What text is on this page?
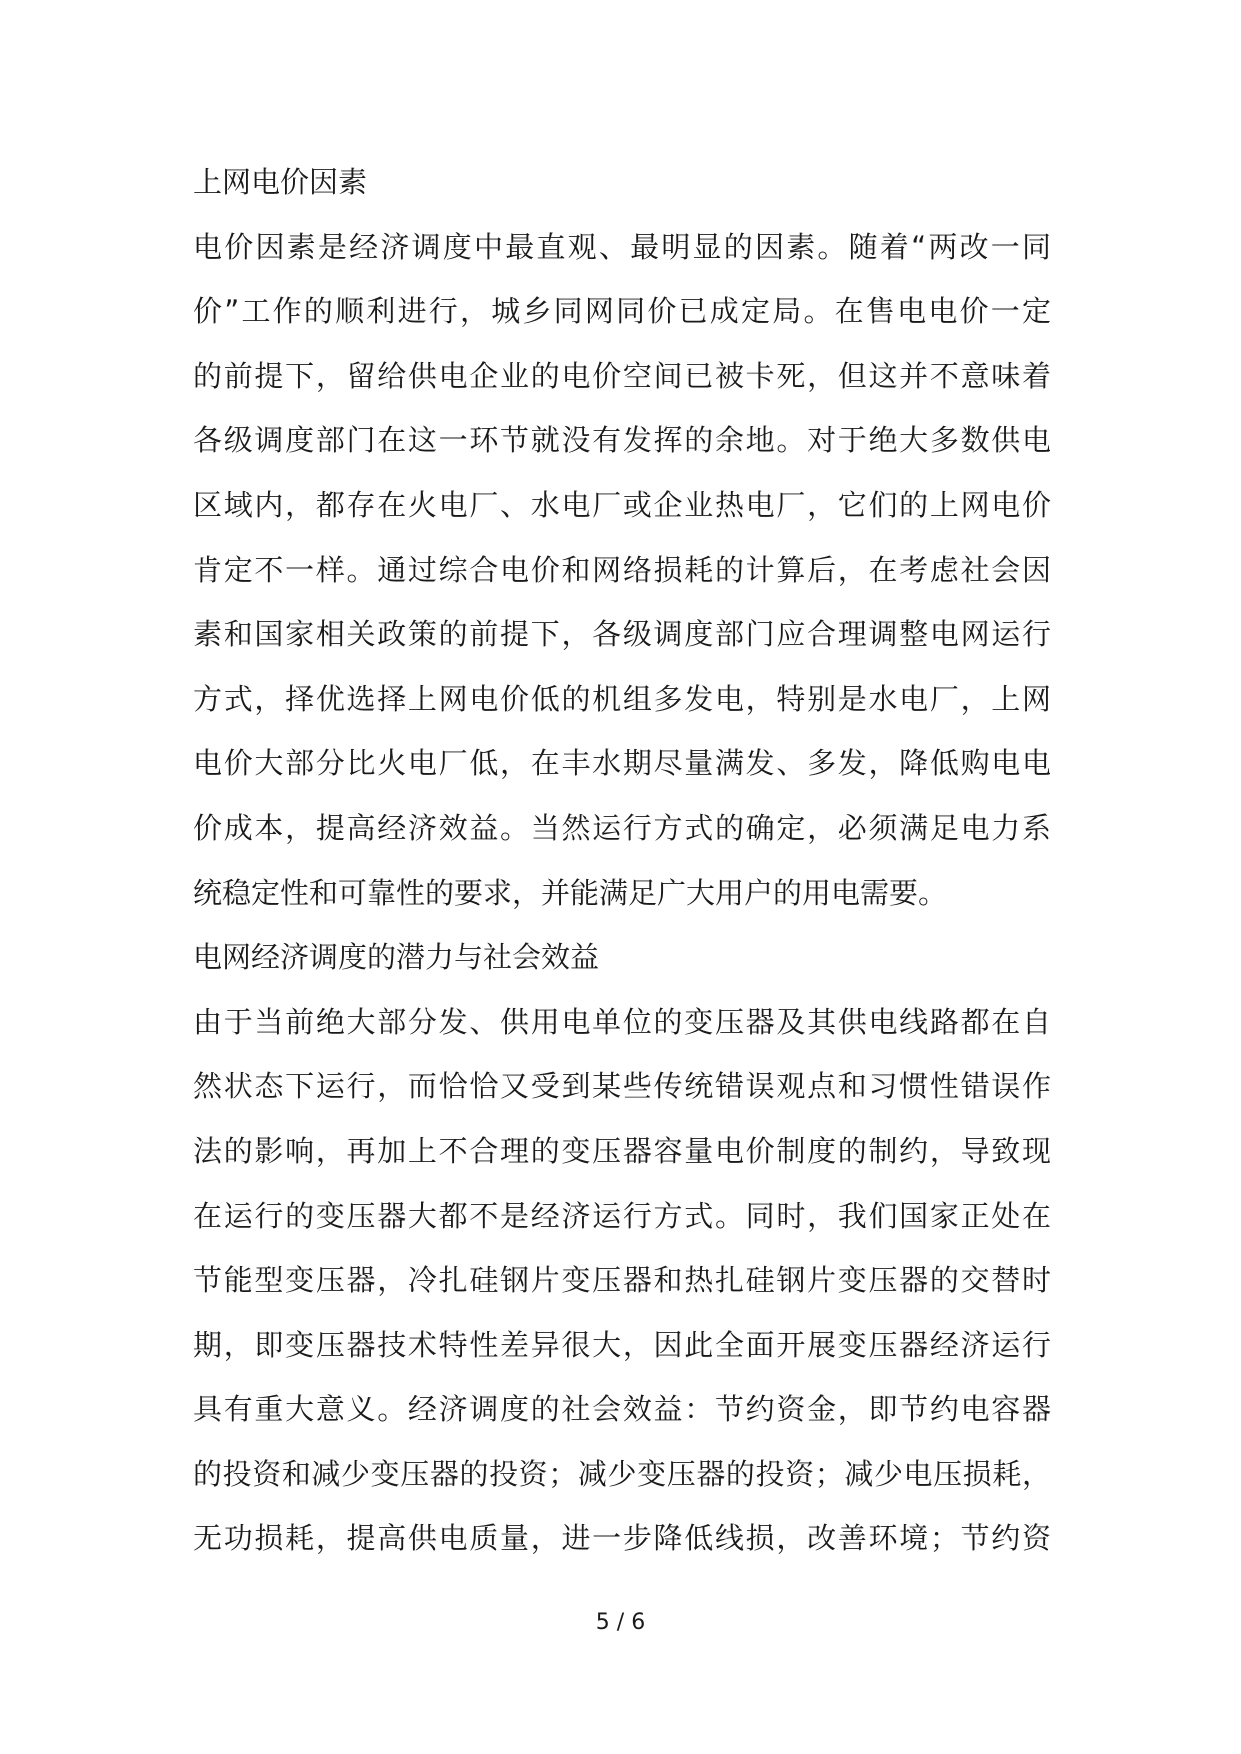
上网电价因素
电价因素是经济调度中最直观、最明显的因素。随着“两改一同
价”工作的顺利进行，城乡同网同价已成定局。在售电电价一定
的前提下，留给供电企业的电价空间已被卡死，但这并不意味着
各级调度部门在这一环节就没有发挥的余地。对于绝大多数供电
区域内，都存在火电厂、水电厂或企业热电厂，它们的上网电价
肯定不一样。通过综合电价和网络损耗的计算后，在考虑社会因
素和国家相关政策的前提下，各级调度部门应合理调整电网运行
方式，择优选择上网电价低的机组多发电，特别是水电厂，上网
电价大部分比火电厂低，在丰水期尽量满发、多发，降低购电电
价成本，提高经济效益。当然运行方式的确定，必须满足电力系
统稳定性和可靠性的要求，并能满足广大用户的用电需要。
电网经济调度的潜力与社会效益
由于当前绝大部分发、供用电单位的变压器及其供电线路都在自
然状态下运行，而恰恰又受到某些传统错误观点和习惯性错误作
法的影响，再加上不合理的变压器容量电价制度的制约，导致现
在运行的变压器大都不是经济运行方式。同时，我们国家正处在
节能型变压器，冷扎硅钢片变压器和热扎硅钢片变压器的交替时
期，即变压器技术特性差异很大，因此全面开展变压器经济运行
具有重大意义。经济调度的社会效益：节约资金，即节约电容器
的投资和减少变压器的投资；减少变压器的投资；减少电压损耗，
无功损耗，提高供电质量，进一步降低线损，改善环境；节约资
5 / 6
